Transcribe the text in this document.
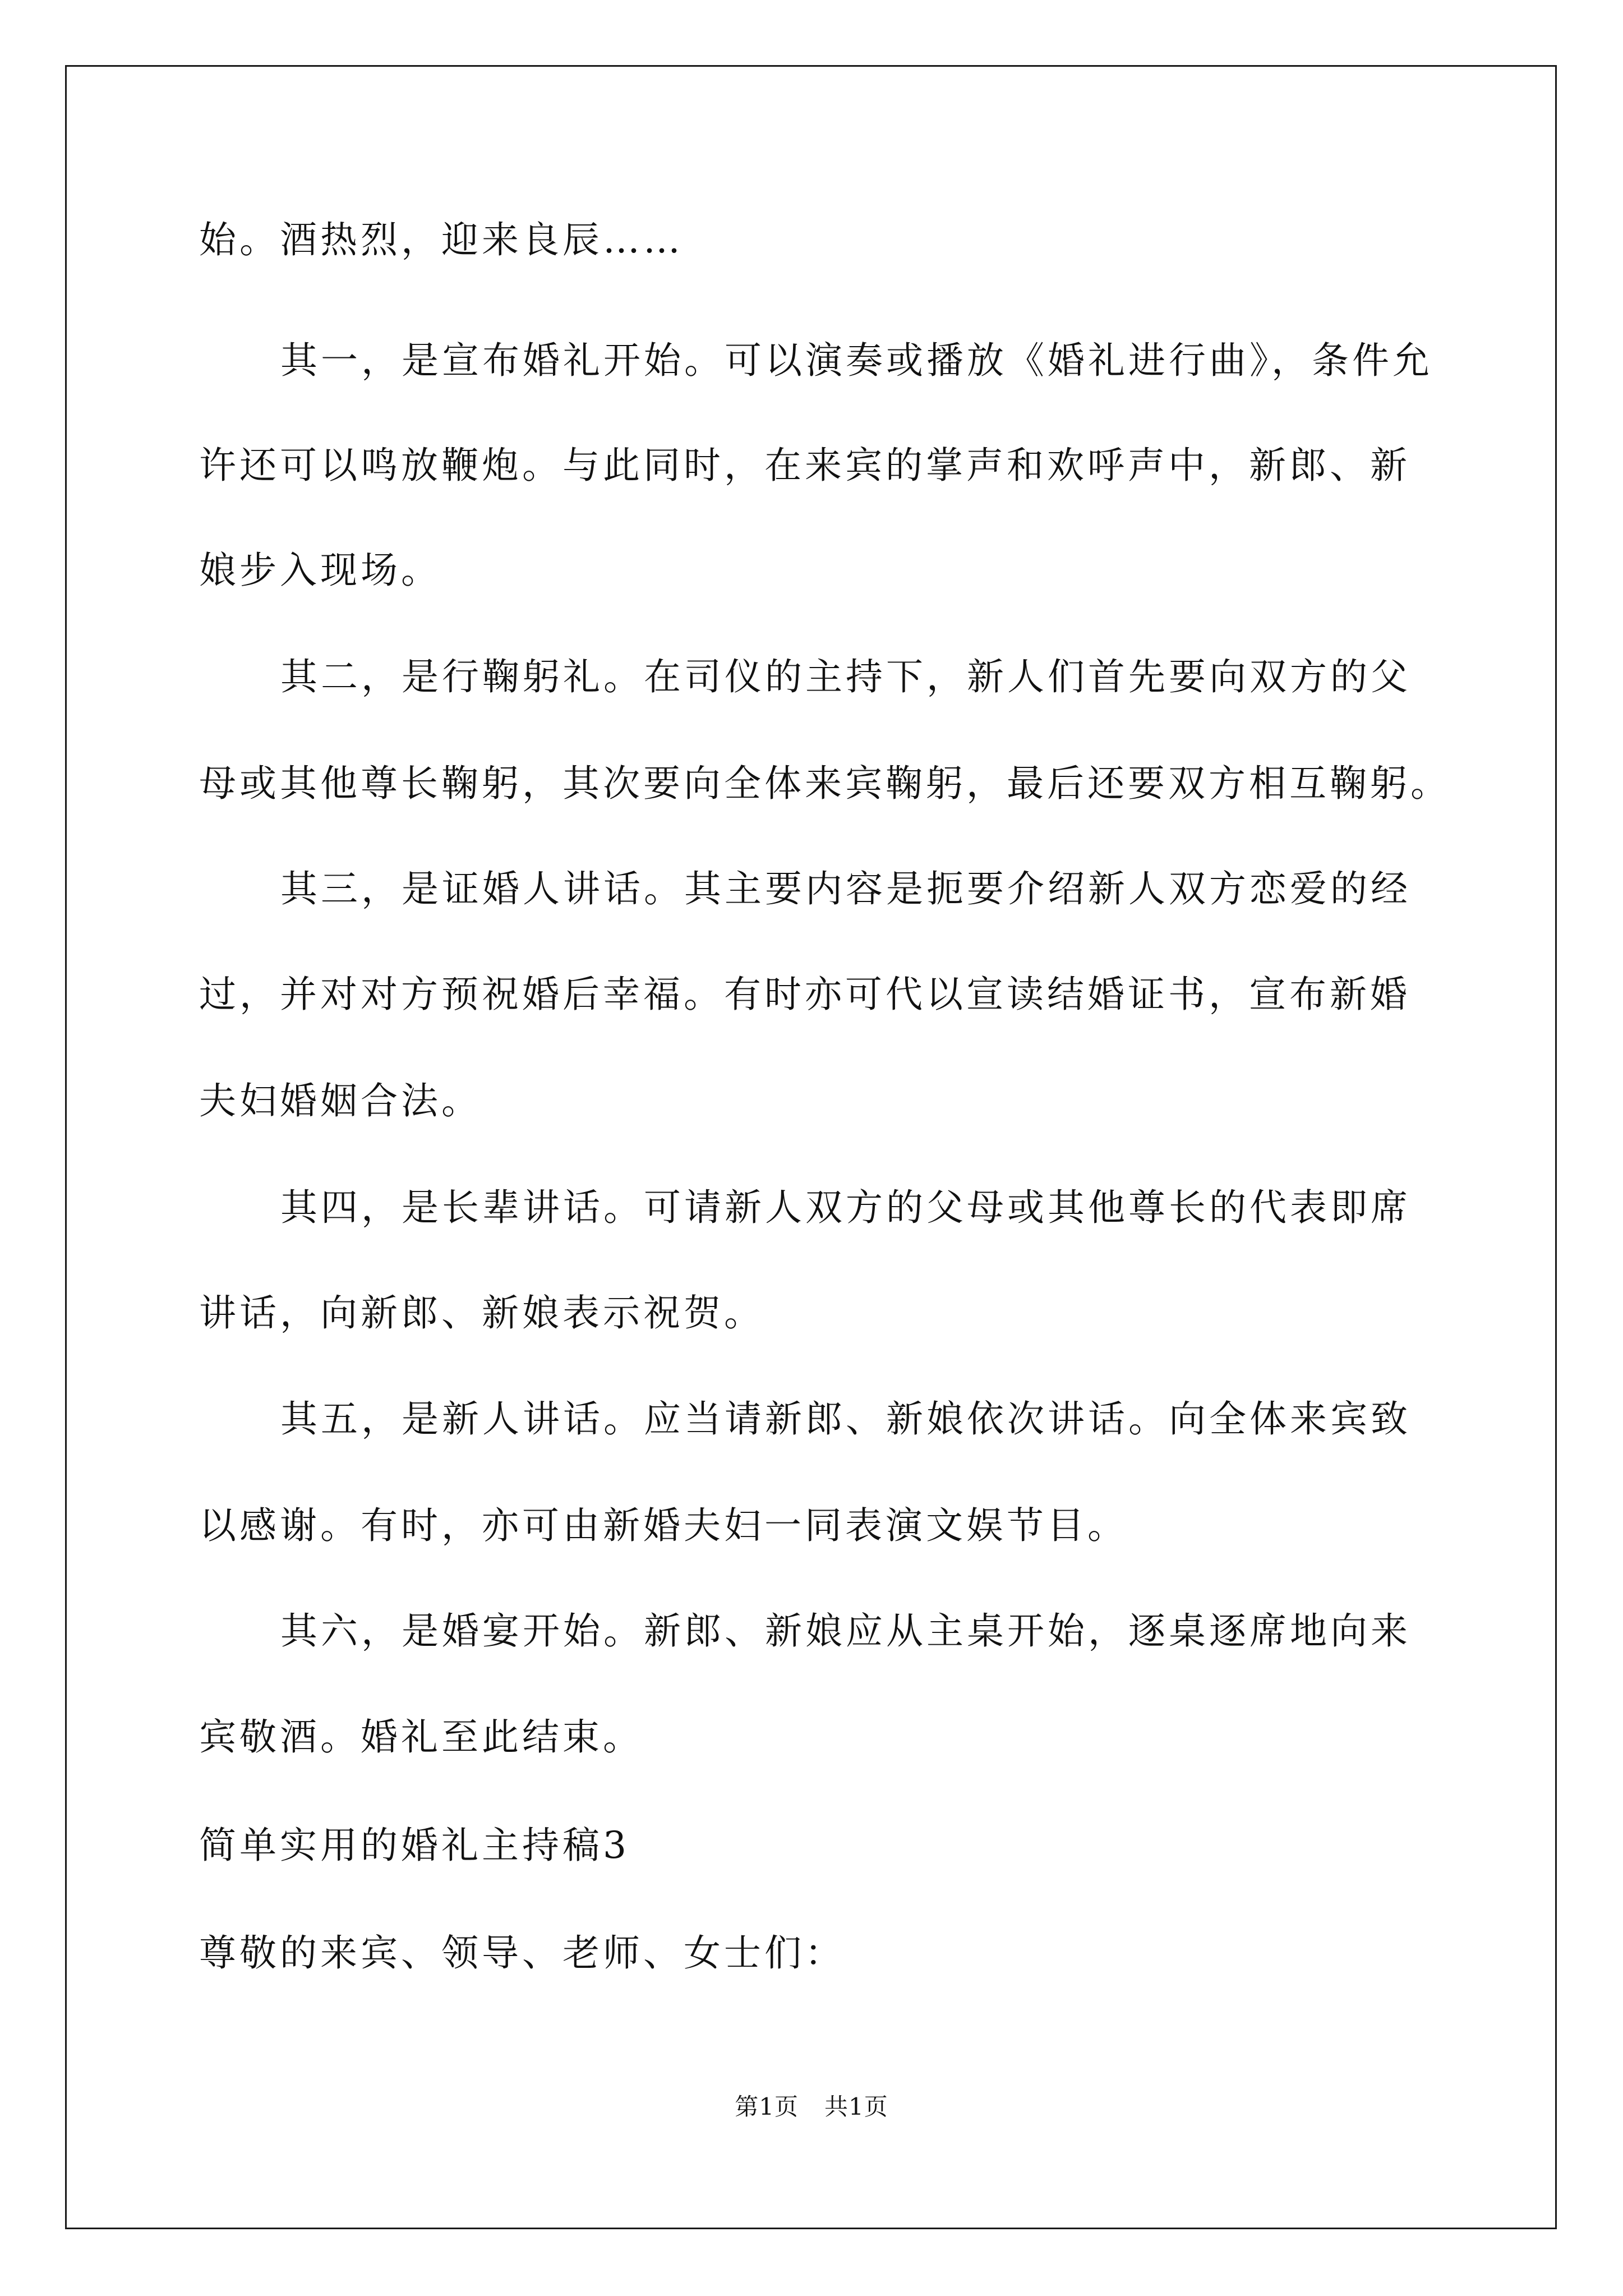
始。酒热烈，迎来良辰……

其一，是宣布婚礼开始。可以演奏或播放《婚礼进行曲》，条件允

许还可以鸣放鞭炮。与此同时，在来宾的掌声和欢呼声中，新郎、新

娘步入现场。

其二，是行鞠躬礼。在司仪的主持下，新人们首先要向双方的父

母或其他尊长鞠躬，其次要向全体来宾鞠躬，最后还要双方相互鞠躬。

其三，是证婚人讲话。其主要内容是扼要介绍新人双方恋爱的经

过，并对对方预祝婚后幸福。有时亦可代以宣读结婚证书，宣布新婚

夫妇婚姻合法。

其四，是长辈讲话。可请新人双方的父母或其他尊长的代表即席

讲话，向新郎、新娘表示祝贺。

其五，是新人讲话。应当请新郎、新娘依次讲话。向全体来宾致

以感谢。有时，亦可由新婚夫妇一同表演文娱节目。

其六，是婚宴开始。新郎、新娘应从主桌开始，逐桌逐席地向来

宾敬酒。婚礼至此结束。

简单实用的婚礼主持稿3

尊敬的来宾、领导、老师、女士们：

第1页 共1页
